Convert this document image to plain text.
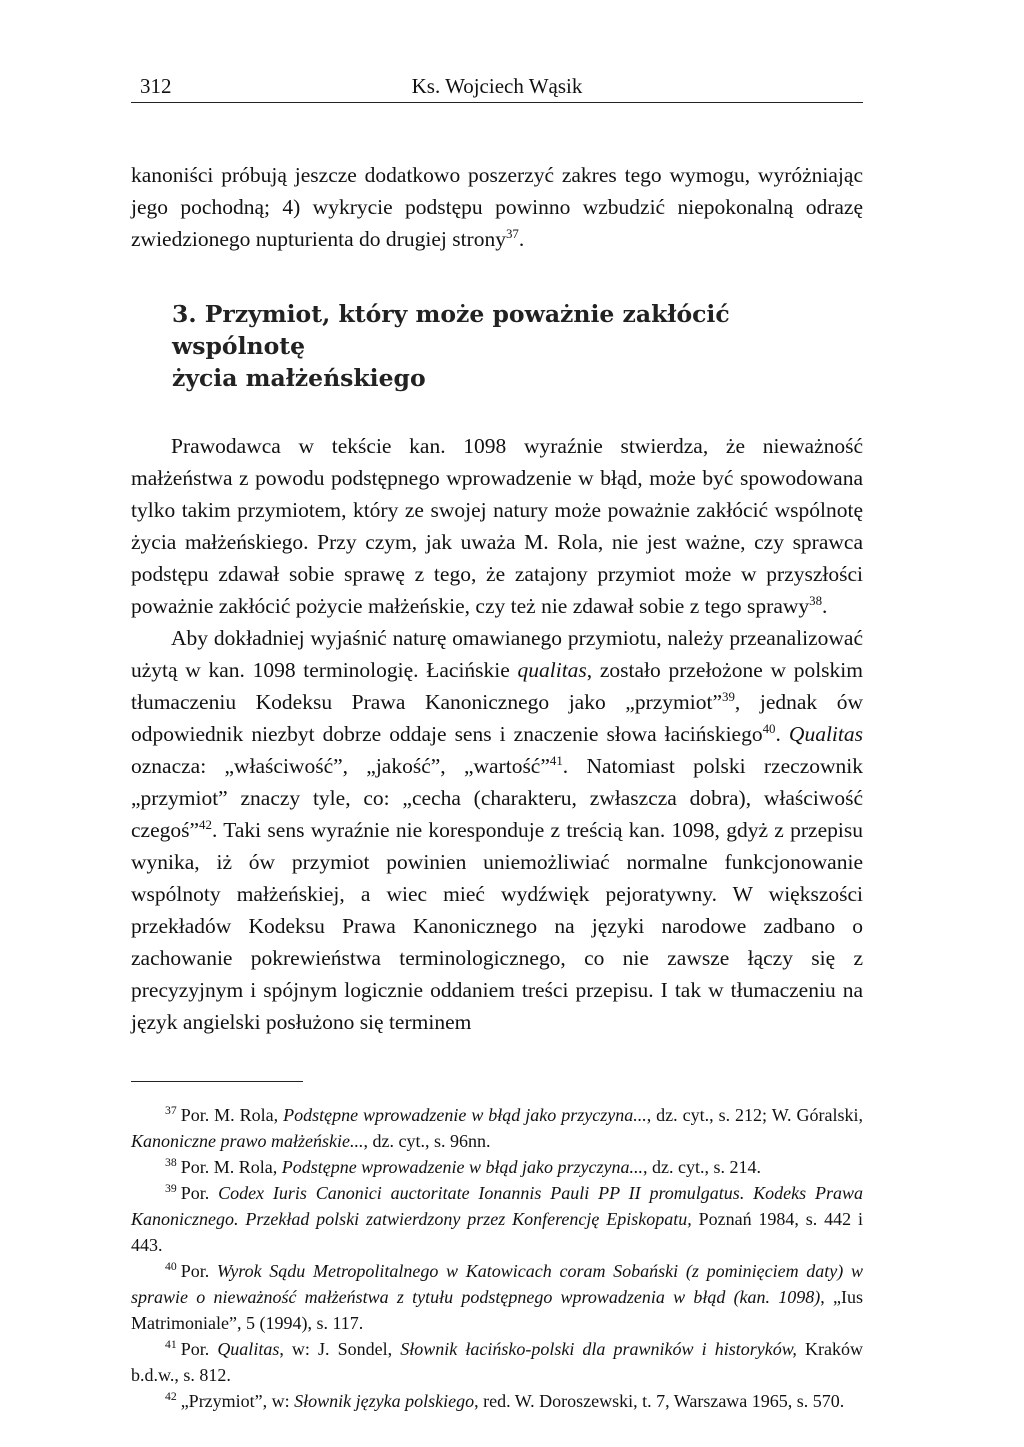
312	Ks. Wojciech Wąsik

kanoniści próbują jeszcze dodatkowo poszerzyć zakres tego wymogu, wyróżniając jego pochodną; 4) wykrycie podstępu powinno wzbudzić niepokonalną odrazę zwiedzionego nupturienta do drugiej strony$^{37}$.

3. Przymiot, który może poważnie zakłócić wspólnotę
życia małżeńskiego

Prawodawca w tekście kan. 1098 wyraźnie stwierdza, że nieważność małżeństwa z powodu podstępnego wprowadzenie w błąd, może być spowodowana tylko takim przymiotem, który ze swojej natury może poważnie zakłócić wspólnotę życia małżeńskiego. Przy czym, jak uważa M. Rola, nie jest ważne, czy sprawca podstępu zdawał sobie sprawę z tego, że zatajony przymiot może w przyszłości poważnie zakłócić pożycie małżeńskie, czy też nie zdawał sobie z tego sprawy$^{38}$.

Aby dokładniej wyjaśnić naturę omawianego przymiotu, należy przeanalizować użytą w kan. 1098 terminologię. Łacińskie qualitas, zostało przełożone w polskim tłumaczeniu Kodeksu Prawa Kanonicznego jako „przymiot”$^{39}$, jednak ów odpowiednik niezbyt dobrze oddaje sens i znaczenie słowa łacińskiego$^{40}$. Qualitas oznacza: „właściwość”, „jakość”, „wartość”$^{41}$. Natomiast polski rzeczownik „przymiot” znaczy tyle, co: „cecha (charakteru, zwłaszcza dobra), właściwość czegoś”$^{42}$. Taki sens wyraźnie nie koresponduje z treścią kan. 1098, gdyż z przepisu wynika, iż ów przymiot powinien uniemożliwiać normalne funkcjonowanie wspólnoty małżeńskiej, a wiec mieć wydźwięk pejoratywny. W większości przekładów Kodeksu Prawa Kanonicznego na języki narodowe zadbano o zachowanie pokrewieństwa terminologicznego, co nie zawsze łączy się z precyzyjnym i spójnym logicznie oddaniem treści przepisu. I tak w tłumaczeniu na język angielski posłużono się terminem

$^{37}$ Por. M. Rola, Podstępne wprowadzenie w błąd jako przyczyna..., dz. cyt., s. 212; W. Góralski, Kanoniczne prawo małżeńskie..., dz. cyt., s. 96nn.

$^{38}$ Por. M. Rola, Podstępne wprowadzenie w błąd jako przyczyna..., dz. cyt., s. 214.

$^{39}$ Por. Codex Iuris Canonici auctoritate Ionannis Pauli PP II promulgatus. Kodeks Prawa Kanonicznego. Przekład polski zatwierdzony przez Konferencję Episkopatu, Poznań 1984, s. 442 i 443.

$^{40}$ Por. Wyrok Sądu Metropolitalnego w Katowicach coram Sobański (z pominięciem daty) w sprawie o nieważność małżeństwa z tytułu podstępnego wprowadzenia w błąd (kan. 1098), „Ius Matrimoniale”, 5 (1994), s. 117.

$^{41}$ Por. Qualitas, w: J. Sondel, Słownik łacińsko-polski dla prawników i historyków, Kraków b.d.w., s. 812.

$^{42}$ „Przymiot”, w: Słownik języka polskiego, red. W. Doroszewski, t. 7, Warszawa 1965, s. 570.
